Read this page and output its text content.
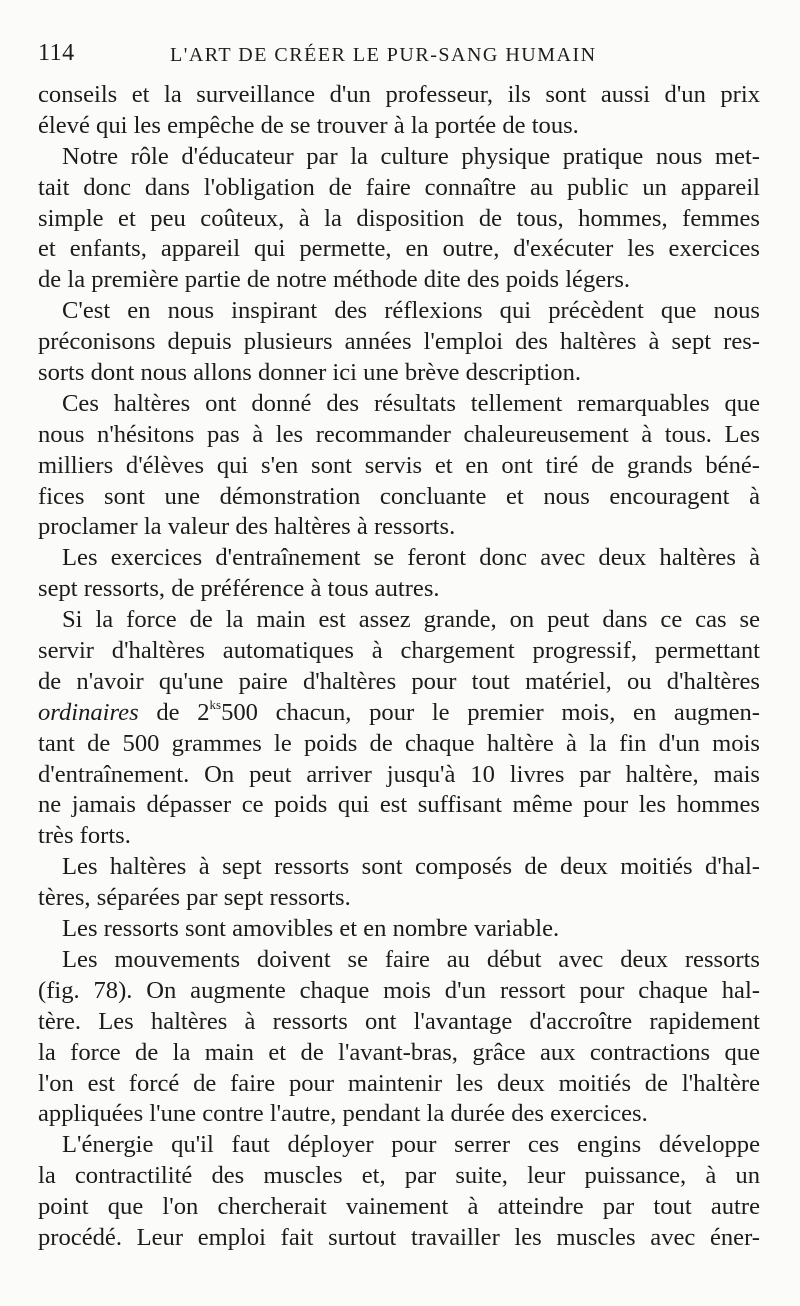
114	L'ART DE CRÉER LE PUR-SANG HUMAIN
conseils et la surveillance d'un professeur, ils sont aussi d'un prix
élevé qui les empêche de se trouver à la portée de tous.
Notre rôle d'éducateur par la culture physique pratique nous met-
tait donc dans l'obligation de faire connaître au public un appareil
simple et peu coûteux, à la disposition de tous, hommes, femmes
et enfants, appareil qui permette, en outre, d'exécuter les exercices
de la première partie de notre méthode dite des poids légers.
C'est en nous inspirant des réflexions qui précèdent que nous
préconisons depuis plusieurs années l'emploi des haltères à sept res-
sorts dont nous allons donner ici une brève description.
Ces haltères ont donné des résultats tellement remarquables que
nous n'hésitons pas à les recommander chaleureusement à tous. Les
milliers d'élèves qui s'en sont servis et en ont tiré de grands béné-
fices sont une démonstration concluante et nous encouragent à
proclamer la valeur des haltères à ressorts.
Les exercices d'entraînement se feront donc avec deux haltères à
sept ressorts, de préférence à tous autres.
Si la force de la main est assez grande, on peut dans ce cas se
servir d'haltères automatiques à chargement progressif, permettant
de n'avoir qu'une paire d'haltères pour tout matériel, ou d'haltères
ordinaires de $2^{ks}500$ chacun, pour le premier mois, en augmen-
tant de 500 grammes le poids de chaque haltère à la fin d'un mois
d'entraînement. On peut arriver jusqu'à 10 livres par haltère, mais
ne jamais dépasser ce poids qui est suffisant même pour les hommes
très forts.
Les haltères à sept ressorts sont composés de deux moitiés d'hal-
tères, séparées par sept ressorts.
Les ressorts sont amovibles et en nombre variable.
Les mouvements doivent se faire au début avec deux ressorts
(fig. 78). On augmente chaque mois d'un ressort pour chaque hal-
tère. Les haltères à ressorts ont l'avantage d'accroître rapidement
la force de la main et de l'avant-bras, grâce aux contractions que
l'on est forcé de faire pour maintenir les deux moitiés de l'haltère
appliquées l'une contre l'autre, pendant la durée des exercices.
L'énergie qu'il faut déployer pour serrer ces engins développe
la contractilité des muscles et, par suite, leur puissance, à un
point que l'on chercherait vainement à atteindre par tout autre
procédé. Leur emploi fait surtout travailler les muscles avec éner-
